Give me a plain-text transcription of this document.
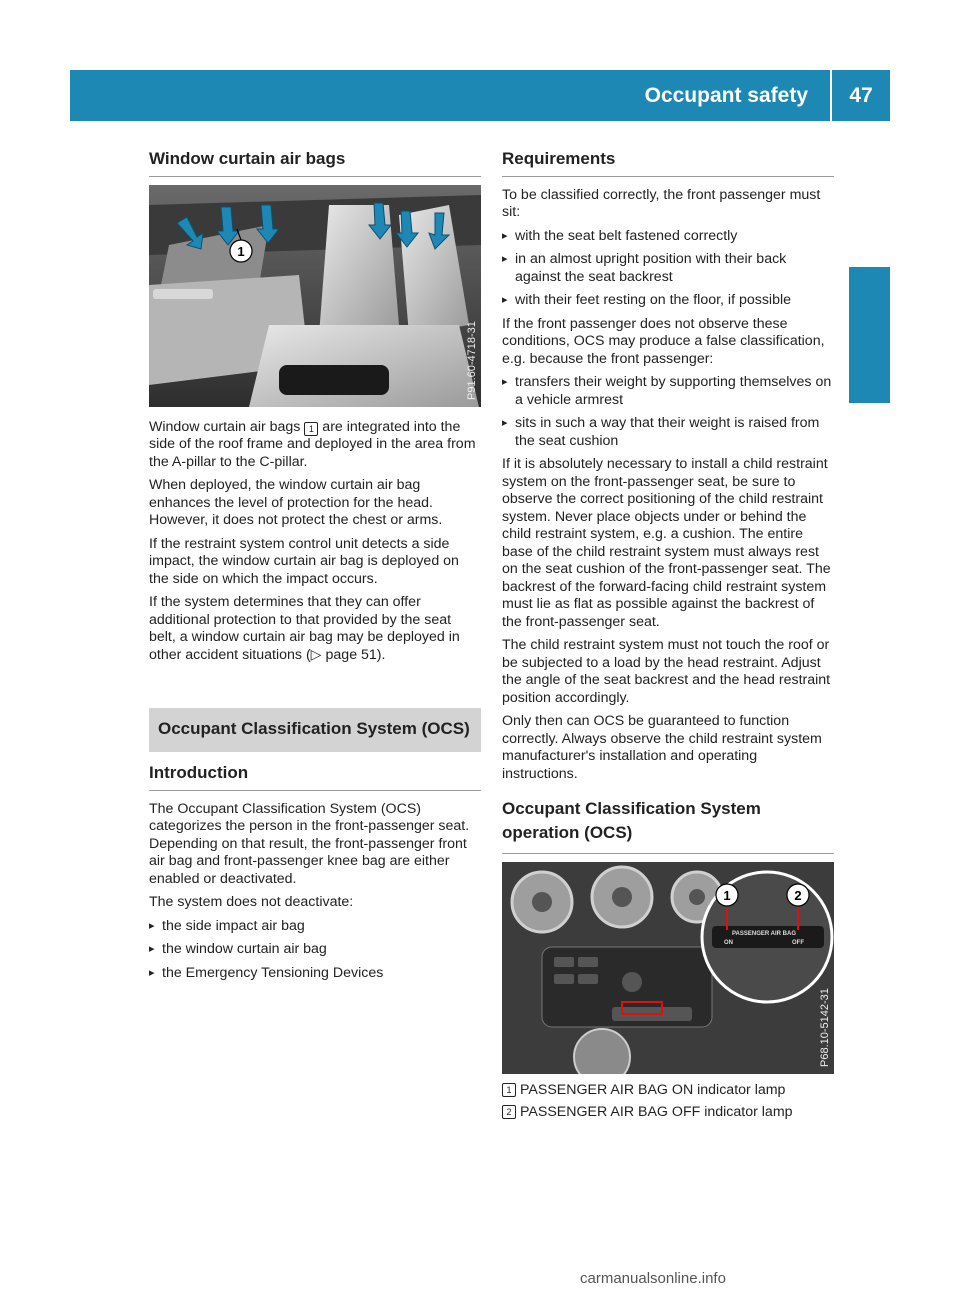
Occupant safety	47
Safety
Window curtain air bags
1
P91.60-4718-31

Window curtain air bags 1 are integrated into the side of the roof frame and deployed in the area from the A-pillar to the C-pillar.

When deployed, the window curtain air bag enhances the level of protection for the head. However, it does not protect the chest or arms.

If the restraint system control unit detects a side impact, the window curtain air bag is deployed on the side on which the impact occurs.

If the system determines that they can offer additional protection to that provided by the seat belt, a window curtain air bag may be deployed in other accident situations (▷ page 51).

Occupant Classification System (OCS)
Introduction

The Occupant Classification System (OCS) categorizes the person in the front-passenger seat. Depending on that result, the front-passenger front air bag and front-passenger knee bag are either enabled or deactivated.

The system does not deactivate:

▸ the side impact air bag
▸ the window curtain air bag
▸ the Emergency Tensioning Devices
Requirements

To be classified correctly, the front passenger must sit:

▸ with the seat belt fastened correctly
▸ in an almost upright position with their back against the seat backrest
▸ with their feet resting on the floor, if possible

If the front passenger does not observe these conditions, OCS may produce a false classification, e.g. because the front passenger:

▸ transfers their weight by supporting themselves on a vehicle armrest
▸ sits in such a way that their weight is raised from the seat cushion

If it is absolutely necessary to install a child restraint system on the front-passenger seat, be sure to observe the correct positioning of the child restraint system. Never place objects under or behind the child restraint system, e.g. a cushion. The entire base of the child restraint system must always rest on the seat cushion of the front-passenger seat. The backrest of the forward-facing child restraint system must lie as flat as possible against the backrest of the front-passenger seat.

The child restraint system must not touch the roof or be subjected to a load by the head restraint. Adjust the angle of the seat backrest and the head restraint position accordingly.

Only then can OCS be guaranteed to function correctly. Always observe the child restraint system manufacturer's installation and operating instructions.

Occupant Classification System operation (OCS)
PASSENGER AIR BAG
ON	OFF
1	2
P68.10-5142-31
1 PASSENGER AIR BAG ON indicator lamp
2 PASSENGER AIR BAG OFF indicator lamp
carmanualsonline.info
